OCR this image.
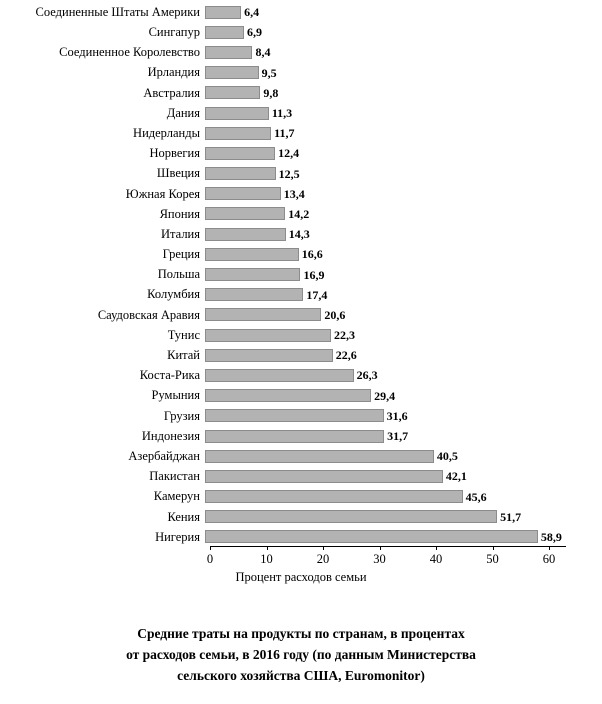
Соединенные Штаты Америки	6,4
Сингапур	6,9
Соединенное Королевство	8,4
Ирландия	9,5
Австралия	9,8
Дания	11,3
Нидерланды	11,7
Норвегия	12,4
Швеция	12,5
Южная Корея	13,4
Япония	14,2
Италия	14,3
Греция	16,6
Польша	16,9
Колумбия	17,4
Саудовская Аравия	20,6
Тунис	22,3
Китай	22,6
Коста-Рика	26,3
Румыния	29,4
Грузия	31,6
Индонезия	31,7
Азербайджан	40,5
Пакистан	42,1
Камерун	45,6
Кения	51,7
Нигерия	58,9
0	10	20	30	40	50	60
Процент расходов семьи
Средние траты на продукты по странам, в процентах
от расходов семьи, в 2016 году (по данным Министерства
сельского хозяйства США, Euromonitor)
